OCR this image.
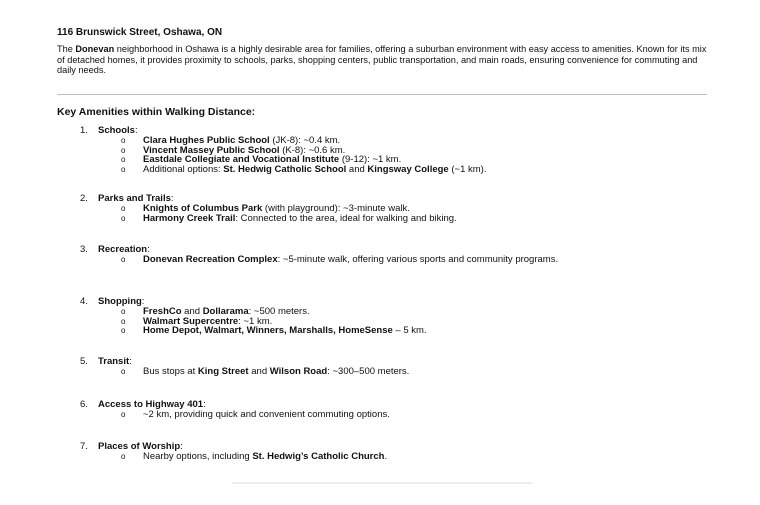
116 Brunswick Street, Oshawa, ON

The Donevan neighborhood in Oshawa is a highly desirable area for families, offering a suburban environment with easy access to amenities. Known for its mix of detached homes, it provides proximity to schools, parks, shopping centers, public transportation, and main roads, ensuring convenience for commuting and daily needs.

Key Amenities within Walking Distance:
1. Schools:
o Clara Hughes Public School (JK-8): ~0.4 km.
o Vincent Massey Public School (K-8): ~0.6 km.
o Eastdale Collegiate and Vocational Institute (9-12): ~1 km.
o Additional options: St. Hedwig Catholic School and Kingsway College (~1 km).
2. Parks and Trails:
o Knights of Columbus Park (with playground): ~3-minute walk.
o Harmony Creek Trail: Connected to the area, ideal for walking and biking.
3. Recreation:
o Donevan Recreation Complex: ~5-minute walk, offering various sports and community programs.
4. Shopping:
o FreshCo and Dollarama: ~500 meters.
o Walmart Supercentre: ~1 km.
o Home Depot, Walmart, Winners, Marshalls, HomeSense – 5 km.
5. Transit:
o Bus stops at King Street and Wilson Road: ~300–500 meters.
6. Access to Highway 401:
o ~2 km, providing quick and convenient commuting options.
7. Places of Worship:
o Nearby options, including St. Hedwig’s Catholic Church.
